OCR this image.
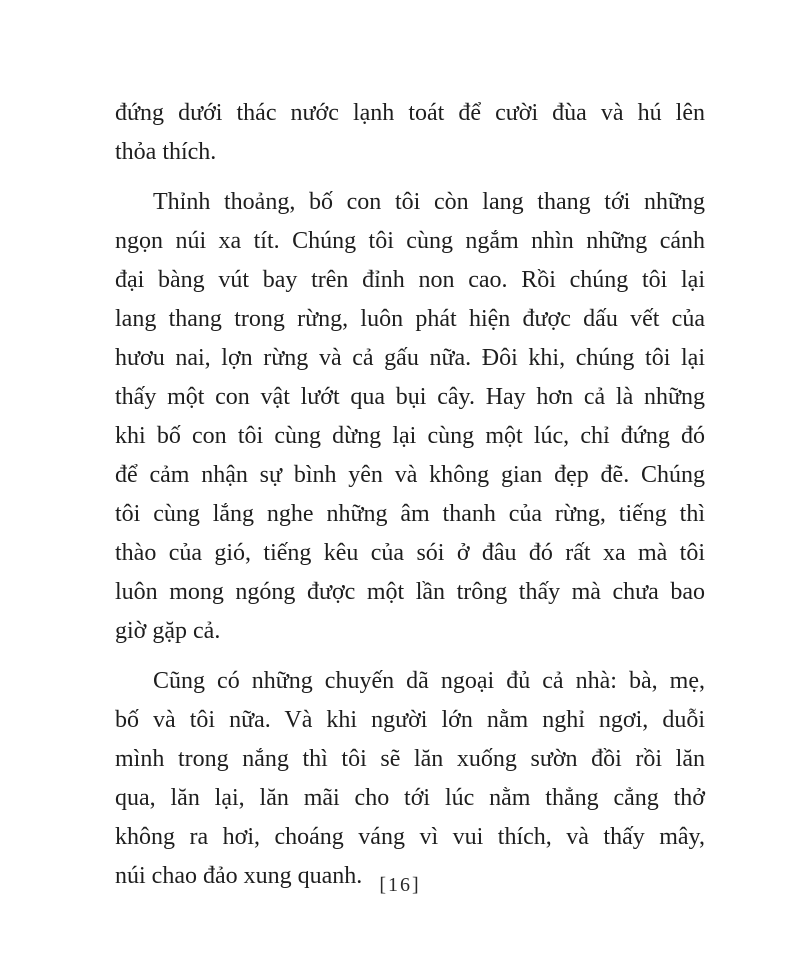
đứng dưới thác nước lạnh toát để cười đùa và hú lên
thỏa thích.
Thỉnh thoảng, bố con tôi còn lang thang tới những
ngọn núi xa tít. Chúng tôi cùng ngắm nhìn những cánh
đại bàng vút bay trên đỉnh non cao. Rồi chúng tôi lại
lang thang trong rừng, luôn phát hiện được dấu vết của
hươu nai, lợn rừng và cả gấu nữa. Đôi khi, chúng tôi lại
thấy một con vật lướt qua bụi cây. Hay hơn cả là những
khi bố con tôi cùng dừng lại cùng một lúc, chỉ đứng đó
để cảm nhận sự bình yên và không gian đẹp đẽ. Chúng
tôi cùng lắng nghe những âm thanh của rừng, tiếng thì
thào của gió, tiếng kêu của sói ở đâu đó rất xa mà tôi
luôn mong ngóng được một lần trông thấy mà chưa bao
giờ gặp cả.
Cũng có những chuyến dã ngoại đủ cả nhà: bà, mẹ,
bố và tôi nữa. Và khi người lớn nằm nghỉ ngơi, duỗi
mình trong nắng thì tôi sẽ lăn xuống sườn đồi rồi lăn
qua, lăn lại, lăn mãi cho tới lúc nằm thẳng cẳng thở
không ra hơi, choáng váng vì vui thích, và thấy mây,
núi chao đảo xung quanh. [16]
